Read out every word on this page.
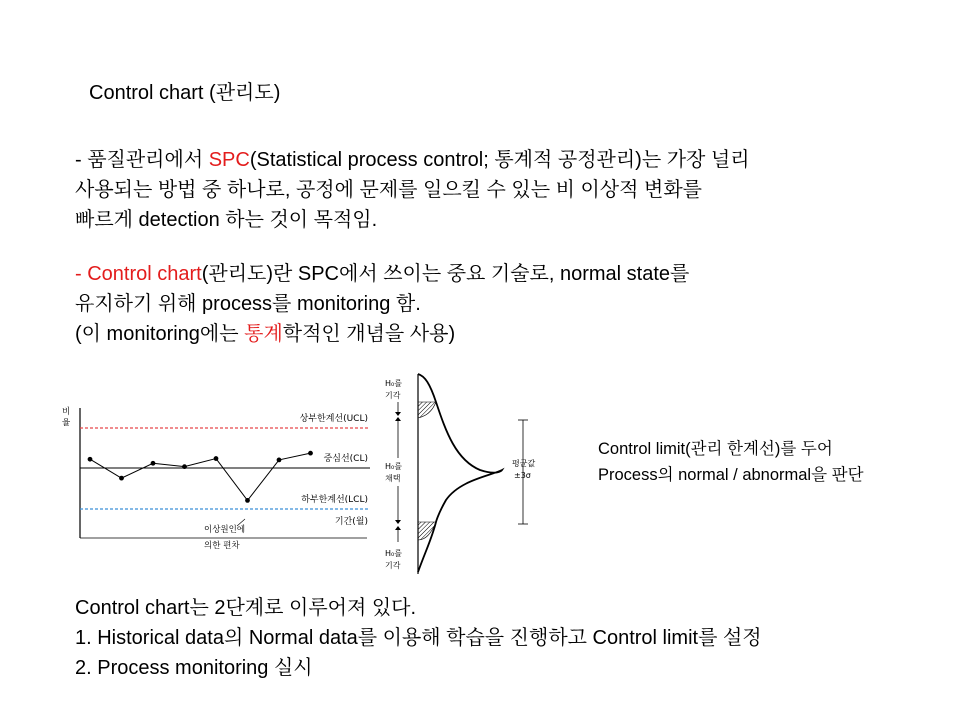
Control chart (관리도)
- 품질관리에서 SPC(Statistical process control; 통계적 공정관리)는 가장 널리
사용되는 방법 중 하나로, 공정에 문제를 일으킬 수 있는 비 이상적 변화를
빠르게 detection 하는 것이 목적임.
- Control chart(관리도)란 SPC에서 쓰이는 중요 기술로, normal state를
유지하기 위해 process를 monitoring 함.
(이 monitoring에는 통계학적인 개념을 사용)
비
율	상부한계선(UCL)
중심선(CL)
하부한계선(LCL)
기간(월)
이상원인에
의한 편차
H₀를
기각
H₀를
채택
H₀를
기각
평균값
±3σ
Control limit(관리 한계선)를 두어
Process의 normal / abnormal을 판단
Control chart는 2단계로 이루어져 있다.
1. Historical data의 Normal data를 이용해 학습을 진행하고 Control limit를 설정
2. Process monitoring 실시
